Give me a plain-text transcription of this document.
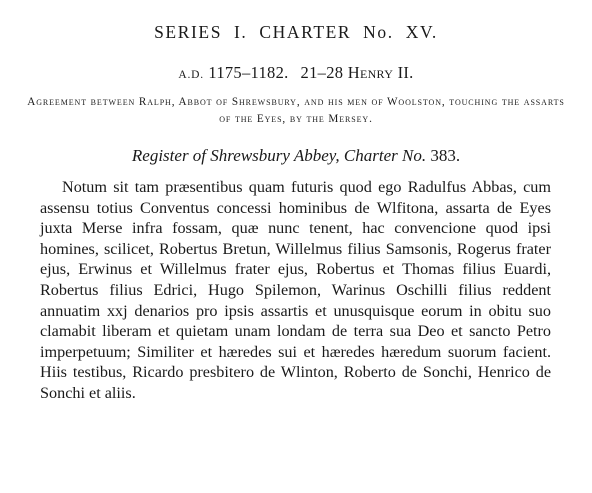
SERIES I. CHARTER No. XV.
A.D. 1175–1182. 21–28 Henry II.
Agreement between Ralph, Abbot of Shrewsbury, and his men of Woolston, touching the assarts of the Eyes, by the Mersey.
Register of Shrewsbury Abbey, Charter No. 383.
Notum sit tam præsentibus quam futuris quod ego Radulfus Abbas, cum assensu totius Conventus concessi hominibus de Wlfitona, assarta de Eyes juxta Merse infra fossam, quæ nunc tenent, hac convencione quod ipsi homines, scilicet, Robertus Bretun, Willelmus filius Samsonis, Rogerus frater ejus, Erwinus et Willelmus frater ejus, Robertus et Thomas filius Euardi, Robertus filius Edrici, Hugo Spilemon, Warinus Oschilli filius reddent annuatim xxj denarios pro ipsis assartis et unusquisque eorum in obitu suo clamabit liberam et quietam unam londam de terra sua Deo et sancto Petro imperpetuum; Similiter et hæredes sui et hæredes hæredum suorum facient. Hiis testibus, Ricardo presbitero de Wlinton, Roberto de Sonchi, Henrico de Sonchi et aliis.
